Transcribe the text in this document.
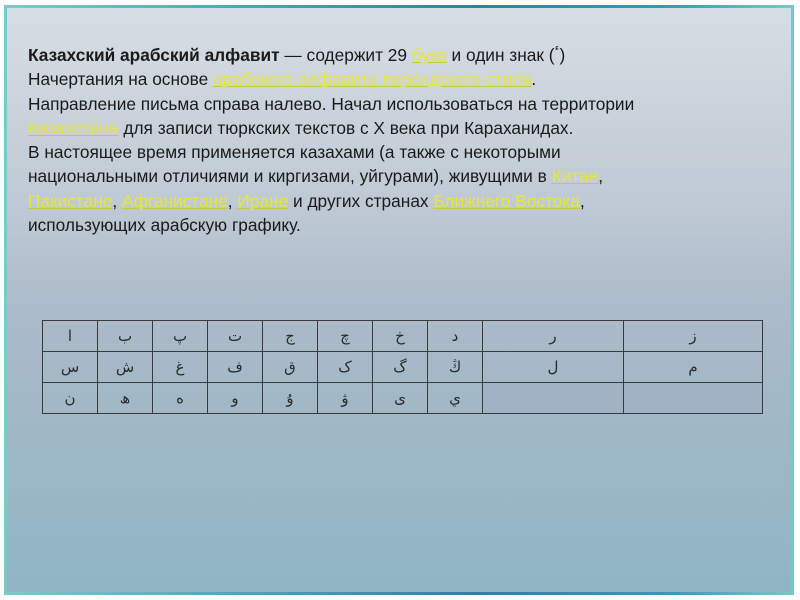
Казахский арабский алфавит — содержит 29 букв и один знак (ٴ)
Начертания на основе арабского алфавита персидского стиля.
Направление письма справа налево. Начал использоваться на территории Казахстана для записи тюркских текстов с X века при Караханидах.

В настоящее время применяется казахами (а также с некоторыми национальными отличиями и киргизами, уйгурами), живущими в Китае, Пакистане, Афганистане, Иране и других странах Ближнего Востока, использующих арабскую графику.

ا	ب	پ	ت	ج	چ	خ	د	ر	ز
س	ش	غ	ف	ق	ک	گ	ڭ	ل	م
ن	ھ	ە	و	ۇ	ۋ	ى	ي		
